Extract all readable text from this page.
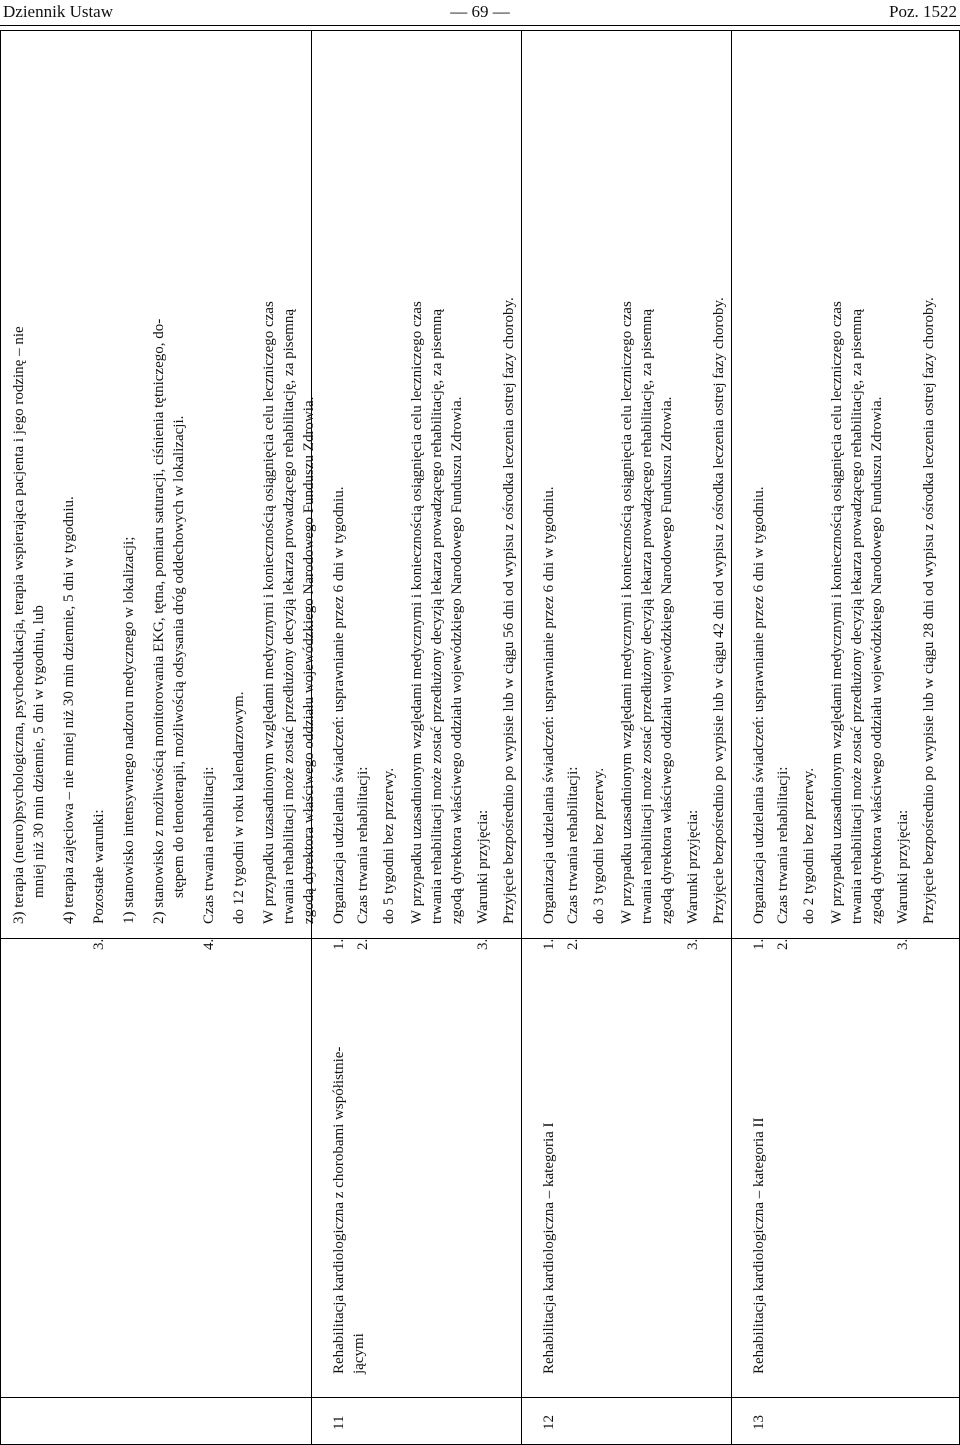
Dziennik Ustaw	— 69 —	Poz. 1522
3) terapia (neuro)psychologiczna, psychoedukacja, terapia wspierająca pacjenta i jego rodzinę – nie mniej niż 30 min dziennie, 5 dni w tygodniu, lub 4) terapia zajęciowa – nie mniej niż 30 min dziennie, 5 dni w tygodniu.
3.
Pozostałe warunki: 1) stanowisko intensywnego nadzoru medycznego w lokalizacji; 2) stanowisko z możliwością monitorowania EKG, tętna, pomiaru saturacji, ciśnienia tętniczego, do- stępem do tlenoterapii, możliwością odsysania dróg oddechowych w lokalizacji.
4.
Czas trwania rehabilitacji: do 12 tygodni w roku kalendarzowym. W przypadku uzasadnionym względami medycznymi i koniecznością osiągnięcia celu leczniczego czas trwania rehabilitacji może zostać przedłużony decyzją lekarza prowadzącego rehabilitację, za pisemną zgodą dyrektora właściwego oddziału wojewódzkiego Narodowego Funduszu Zdrowia.
11
Rehabilitacja kardiologiczna z chorobami współistnie- jącymi
1.
Organizacja udzielania świadczeń: usprawnianie przez 6 dni w tygodniu.
2.
Czas trwania rehabilitacji: do 5 tygodni bez przerwy. W przypadku uzasadnionym względami medycznymi i koniecznością osiągnięcia celu leczniczego czas trwania rehabilitacji może zostać przedłużony decyzją lekarza prowadzącego rehabilitację, za pisemną zgodą dyrektora właściwego oddziału wojewódzkiego Narodowego Funduszu Zdrowia.
3.
Warunki przyjęcia: Przyjęcie bezpośrednio po wypisie lub w ciągu 56 dni od wypisu z ośrodka leczenia ostrej fazy choroby.
12
Rehabilitacja kardiologiczna – kategoria I
1.
Organizacja udzielania świadczeń: usprawnianie przez 6 dni w tygodniu.
2.
Czas trwania rehabilitacji: do 3 tygodni bez przerwy. W przypadku uzasadnionym względami medycznymi i koniecznością osiągnięcia celu leczniczego czas trwania rehabilitacji może zostać przedłużony decyzją lekarza prowadzącego rehabilitację, za pisemną zgodą dyrektora właściwego oddziału wojewódzkiego Narodowego Funduszu Zdrowia.
3.
Warunki przyjęcia: Przyjęcie bezpośrednio po wypisie lub w ciągu 42 dni od wypisu z ośrodka leczenia ostrej fazy choroby.
13
Rehabilitacja kardiologiczna – kategoria II
1.
Organizacja udzielania świadczeń: usprawnianie przez 6 dni w tygodniu.
2.
Czas trwania rehabilitacji: do 2 tygodni bez przerwy. W przypadku uzasadnionym względami medycznymi i koniecznością osiągnięcia celu leczniczego czas trwania rehabilitacji może zostać przedłużony decyzją lekarza prowadzącego rehabilitację, za pisemną zgodą dyrektora właściwego oddziału wojewódzkiego Narodowego Funduszu Zdrowia.
3.
Warunki przyjęcia: Przyjęcie bezpośrednio po wypisie lub w ciągu 28 dni od wypisu z ośrodka leczenia ostrej fazy choroby.
